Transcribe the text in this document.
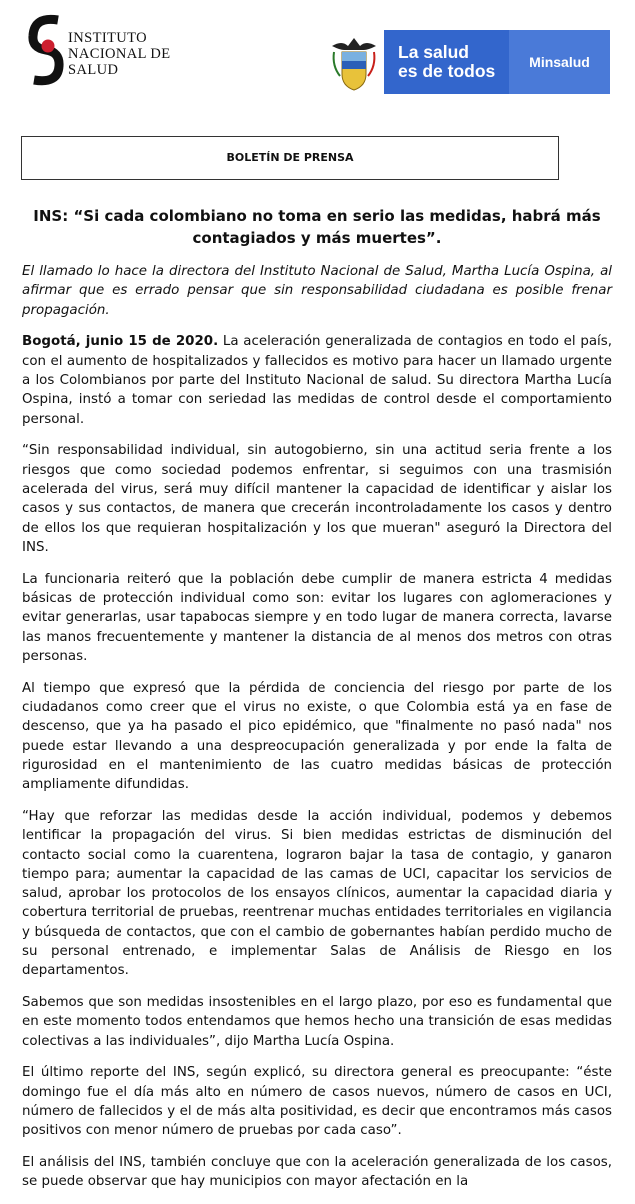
INSTITUTO
NACIONAL DE
SALUD
La salud
es de todos	Minsalud
BOLETÍN DE PRENSA
INS: “Si cada colombiano no toma en serio las medidas, habrá más contagiados y más muertes”.
El llamado lo hace la directora del Instituto Nacional de Salud, Martha Lucía Ospina, al afirmar que es errado pensar que sin responsabilidad ciudadana es posible frenar propagación.
Bogotá, junio 15 de 2020. La aceleración generalizada de contagios en todo el país, con el aumento de hospitalizados y fallecidos es motivo para hacer un llamado urgente a los Colombianos por parte del Instituto Nacional de salud. Su directora Martha Lucía Ospina, instó a tomar con seriedad las medidas de control desde el comportamiento personal.
“Sin responsabilidad individual, sin autogobierno, sin una actitud seria frente a los riesgos que como sociedad podemos enfrentar, si seguimos con una trasmisión acelerada del virus, será muy difícil mantener la capacidad de identificar y aislar los casos y sus contactos, de manera que crecerán incontroladamente los casos y dentro de ellos los que requieran hospitalización y los que mueran" aseguró la Directora del INS.
La funcionaria reiteró que la población debe cumplir de manera estricta 4 medidas básicas de protección individual como son: evitar los lugares con aglomeraciones y evitar generarlas, usar tapabocas siempre y en todo lugar de manera correcta, lavarse las manos frecuentemente y mantener la distancia de al menos dos metros con otras personas.
Al tiempo que expresó que la pérdida de conciencia del riesgo por parte de los ciudadanos como creer que el virus no existe, o que Colombia está ya en fase de descenso, que ya ha pasado el pico epidémico, que "finalmente no pasó nada" nos puede estar llevando a una despreocupación generalizada y por ende la falta de rigurosidad en el mantenimiento de las cuatro medidas básicas de protección ampliamente difundidas.
“Hay que reforzar las medidas desde la acción individual, podemos y debemos lentificar la propagación del virus. Si bien medidas estrictas de disminución del contacto social como la cuarentena, lograron bajar la tasa de contagio, y ganaron tiempo para; aumentar la capacidad de las camas de UCI, capacitar los servicios de salud, aprobar los protocolos de los ensayos clínicos, aumentar la capacidad diaria y cobertura territorial de pruebas, reentrenar muchas entidades territoriales en vigilancia y búsqueda de contactos, que con el cambio de gobernantes habían perdido mucho de su personal entrenado, e implementar Salas de Análisis de Riesgo en los departamentos.
Sabemos que son medidas insostenibles en el largo plazo, por eso es fundamental que en este momento todos entendamos que hemos hecho una transición de esas medidas colectivas a las individuales”, dijo Martha Lucía Ospina.
El último reporte del INS, según explicó, su directora general es preocupante: “éste domingo fue el día más alto en número de casos nuevos, número de casos en UCI, número de fallecidos y el de más alta positividad, es decir que encontramos más casos positivos con menor número de pruebas por cada caso”.
El análisis del INS, también concluye que con la aceleración generalizada de los casos, se puede observar que hay municipios con mayor afectación en la
